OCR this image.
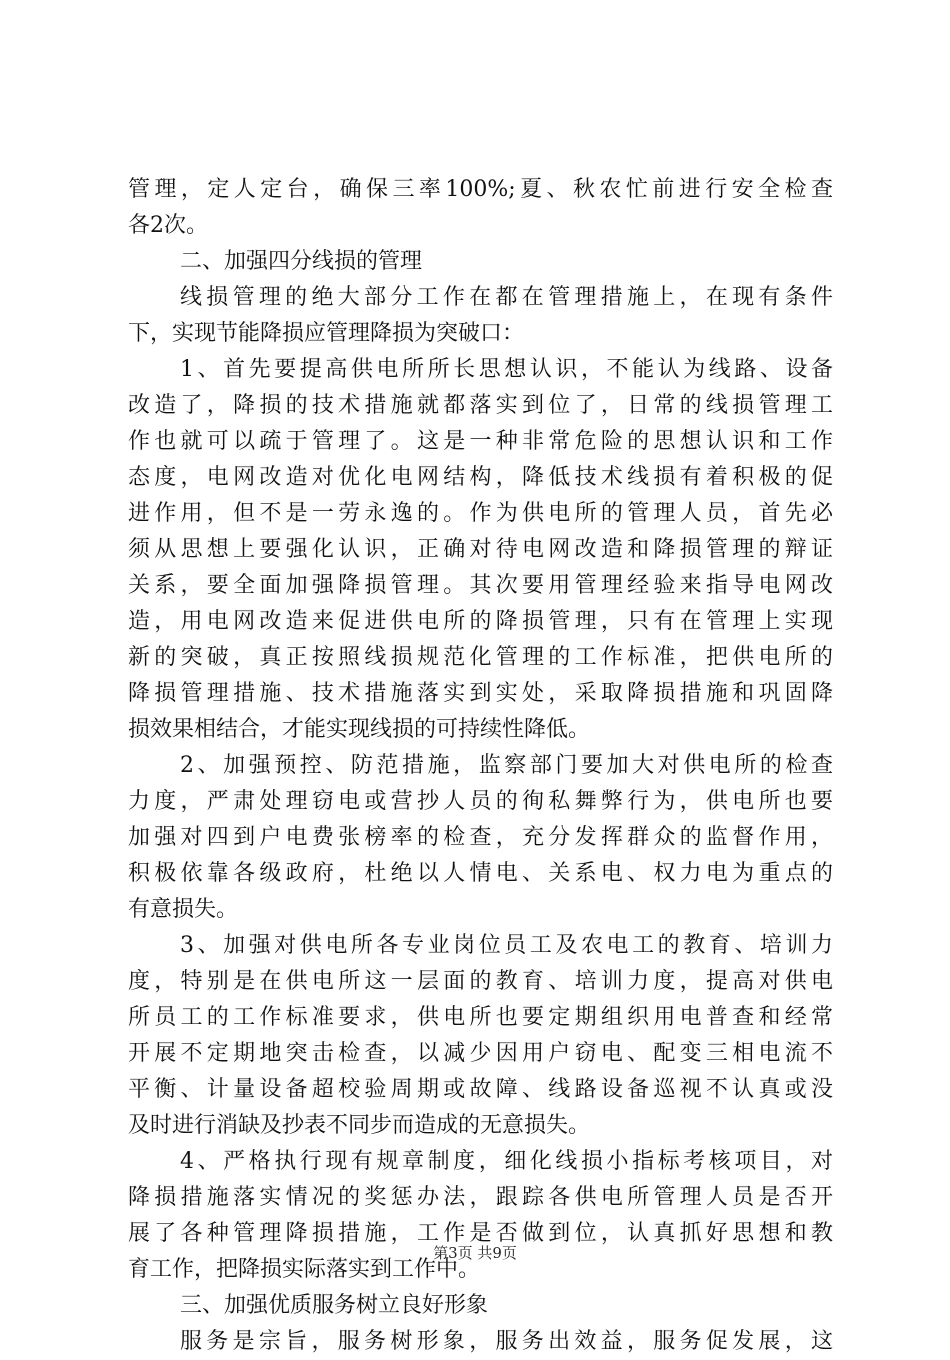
管理，定人定台，确保三率100%;夏、秋农忙前进行安全检查
各2次。
二、加强四分线损的管理
线损管理的绝大部分工作在都在管理措施上，在现有条件
下，实现节能降损应管理降损为突破口：
1、首先要提高供电所所长思想认识，不能认为线路、设备
改造了，降损的技术措施就都落实到位了，日常的线损管理工
作也就可以疏于管理了。这是一种非常危险的思想认识和工作
态度，电网改造对优化电网结构，降低技术线损有着积极的促
进作用，但不是一劳永逸的。作为供电所的管理人员，首先必
须从思想上要强化认识，正确对待电网改造和降损管理的辩证
关系，要全面加强降损管理。其次要用管理经验来指导电网改
造，用电网改造来促进供电所的降损管理，只有在管理上实现
新的突破，真正按照线损规范化管理的工作标准，把供电所的
降损管理措施、技术措施落实到实处，采取降损措施和巩固降
损效果相结合，才能实现线损的可持续性降低。
2、加强预控、防范措施，监察部门要加大对供电所的检查
力度，严肃处理窃电或营抄人员的徇私舞弊行为，供电所也要
加强对四到户电费张榜率的检查，充分发挥群众的监督作用，
积极依靠各级政府，杜绝以人情电、关系电、权力电为重点的
有意损失。
3、加强对供电所各专业岗位员工及农电工的教育、培训力
度，特别是在供电所这一层面的教育、培训力度，提高对供电
所员工的工作标准要求，供电所也要定期组织用电普查和经常
开展不定期地突击检查，以减少因用户窃电、配变三相电流不
平衡、计量设备超校验周期或故障、线路设备巡视不认真或没
及时进行消缺及抄表不同步而造成的无意损失。
4、严格执行现有规章制度，细化线损小指标考核项目，对
降损措施落实情况的奖惩办法，跟踪各供电所管理人员是否开
展了各种管理降损措施，工作是否做到位，认真抓好思想和教
育工作，把降损实际落实到工作中。
三、加强优质服务树立良好形象
服务是宗旨，服务树形象，服务出效益，服务促发展，这
第3页 共9页
